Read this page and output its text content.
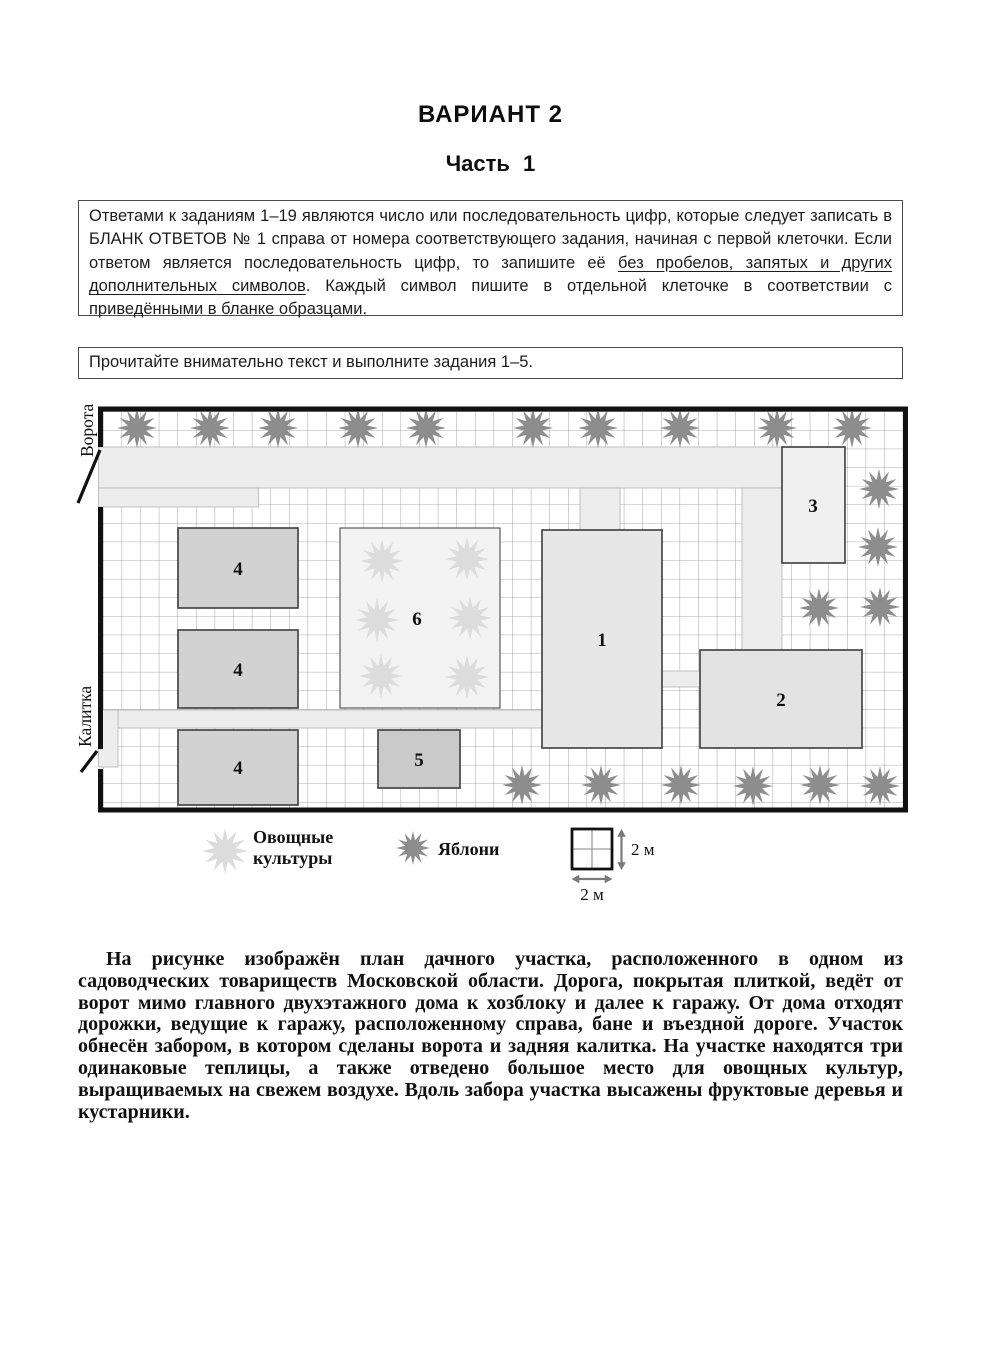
ВАРИАНТ 2
Часть 1

Ответами к заданиям 1–19 являются число или последовательность цифр, которые следует записать в БЛАНК ОТВЕТОВ № 1 справа от номера соответствующего задания, начиная с первой клеточки. Если ответом является последовательность цифр, то запишите её без пробелов, запятых и других дополнительных символов. Каждый символ пишите в отдельной клеточке в соответствии с приведёнными в бланке образцами.

Прочитайте внимательно текст и выполните задания 1–5.

6
1
2
3
4
4
4	5
Ворота
Калитка
Овощные
культуры	Яблони	2 м
2 м

На рисунке изображён план дачного участка, расположенного в одном из садоводческих товариществ Московской области. Дорога, покрытая плиткой, ведёт от ворот мимо главного двухэтажного дома к хозблоку и далее к гаражу. От дома отходят дорожки, ведущие к гаражу, расположенному справа, бане и въездной дороге. Участок обнесён забором, в котором сделаны ворота и задняя калитка. На участке находятся три одинаковые теплицы, а также отведено большое место для овощных культур, выращиваемых на свежем воздухе. Вдоль забора участка высажены фруктовые деревья и кустарники.
